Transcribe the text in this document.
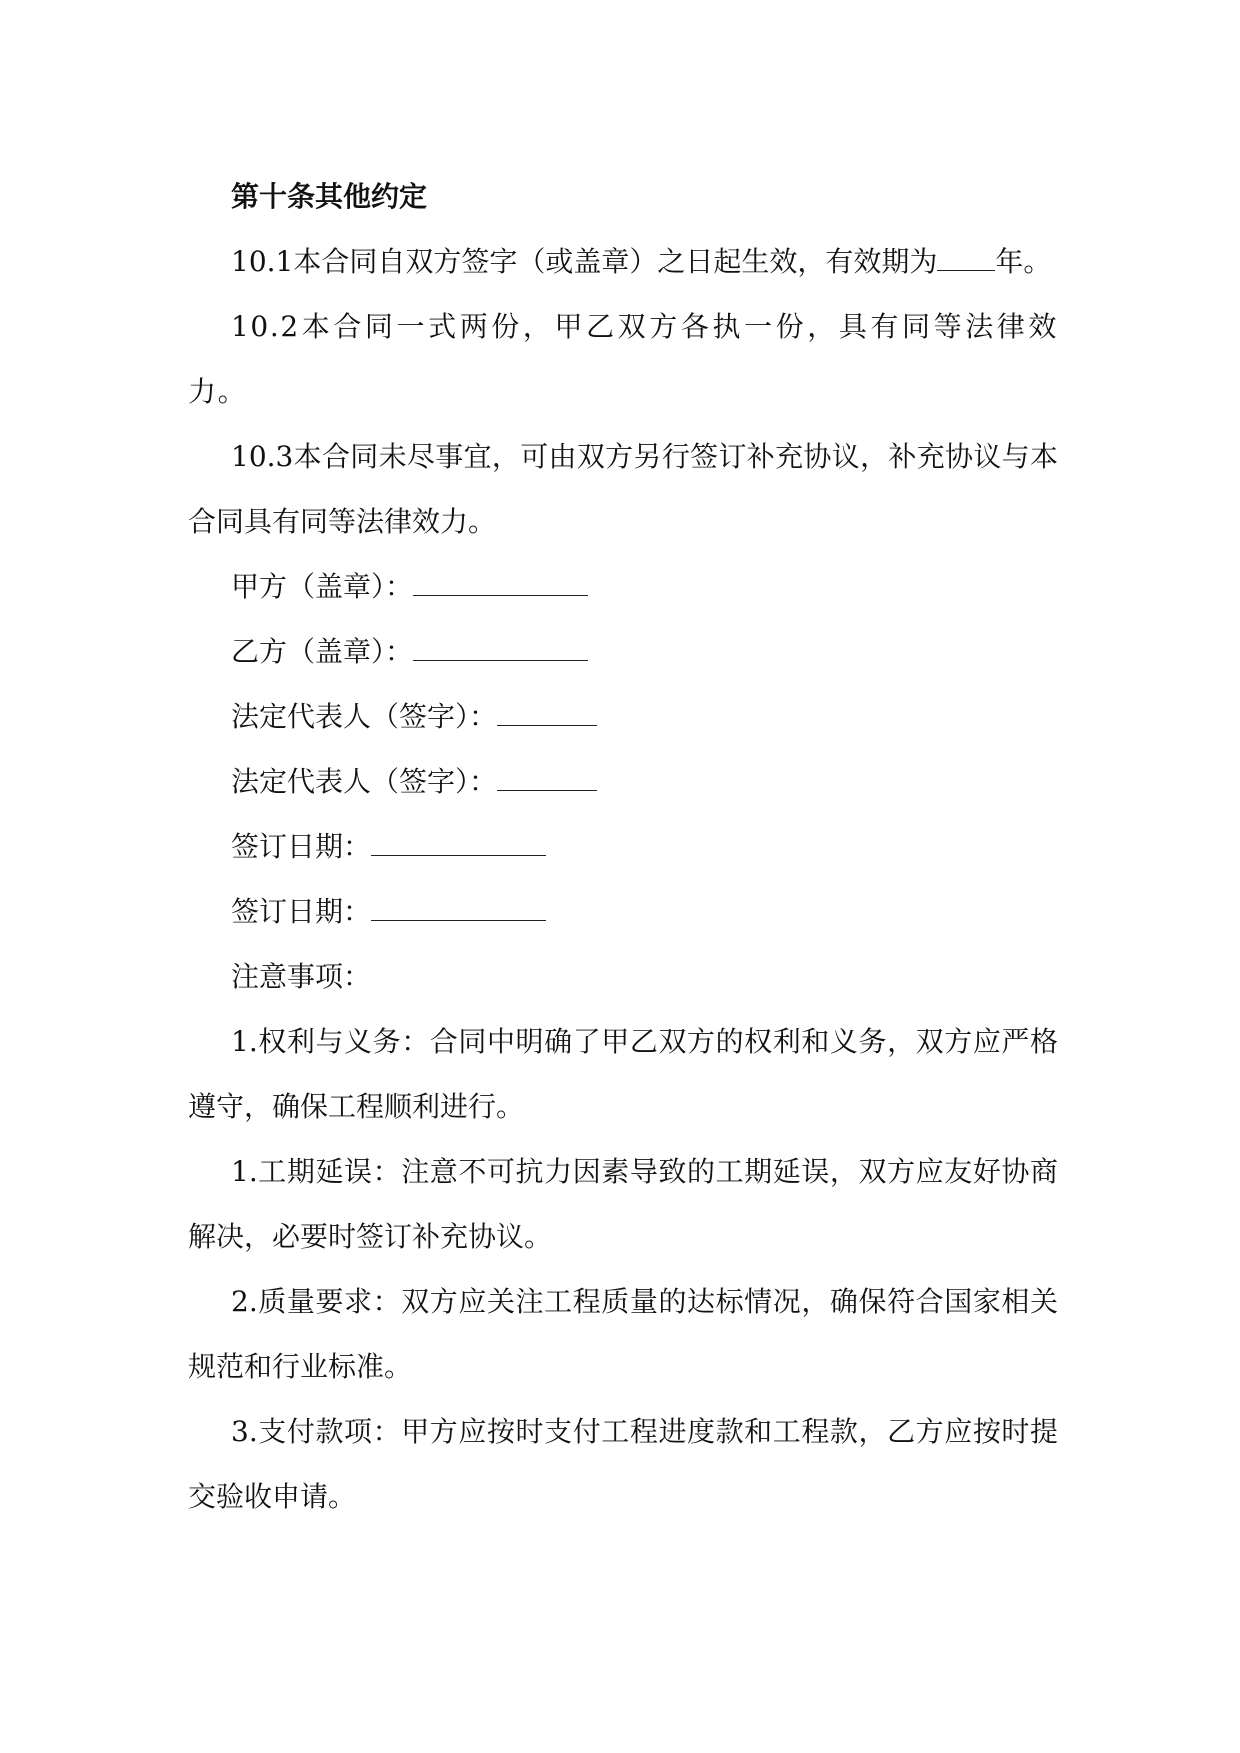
第十条其他约定

10.1本合同自双方签字（或盖章）之日起生效，有效期为 年。

10.2本合同一式两份，甲乙双方各执一份，具有同等法律效力。

10.3本合同未尽事宜，可由双方另行签订补充协议，补充协议与本合同具有同等法律效力。

甲方（盖章）：
乙方（盖章）：
法定代表人（签字）：
法定代表人（签字）：
签订日期：
签订日期：
注意事项：

1.权利与义务：合同中明确了甲乙双方的权利和义务，双方应严格遵守，确保工程顺利进行。

1.工期延误：注意不可抗力因素导致的工期延误，双方应友好协商解决，必要时签订补充协议。

2.质量要求：双方应关注工程质量的达标情况，确保符合国家相关规范和行业标准。

3.支付款项：甲方应按时支付工程进度款和工程款，乙方应按时提交验收申请。
